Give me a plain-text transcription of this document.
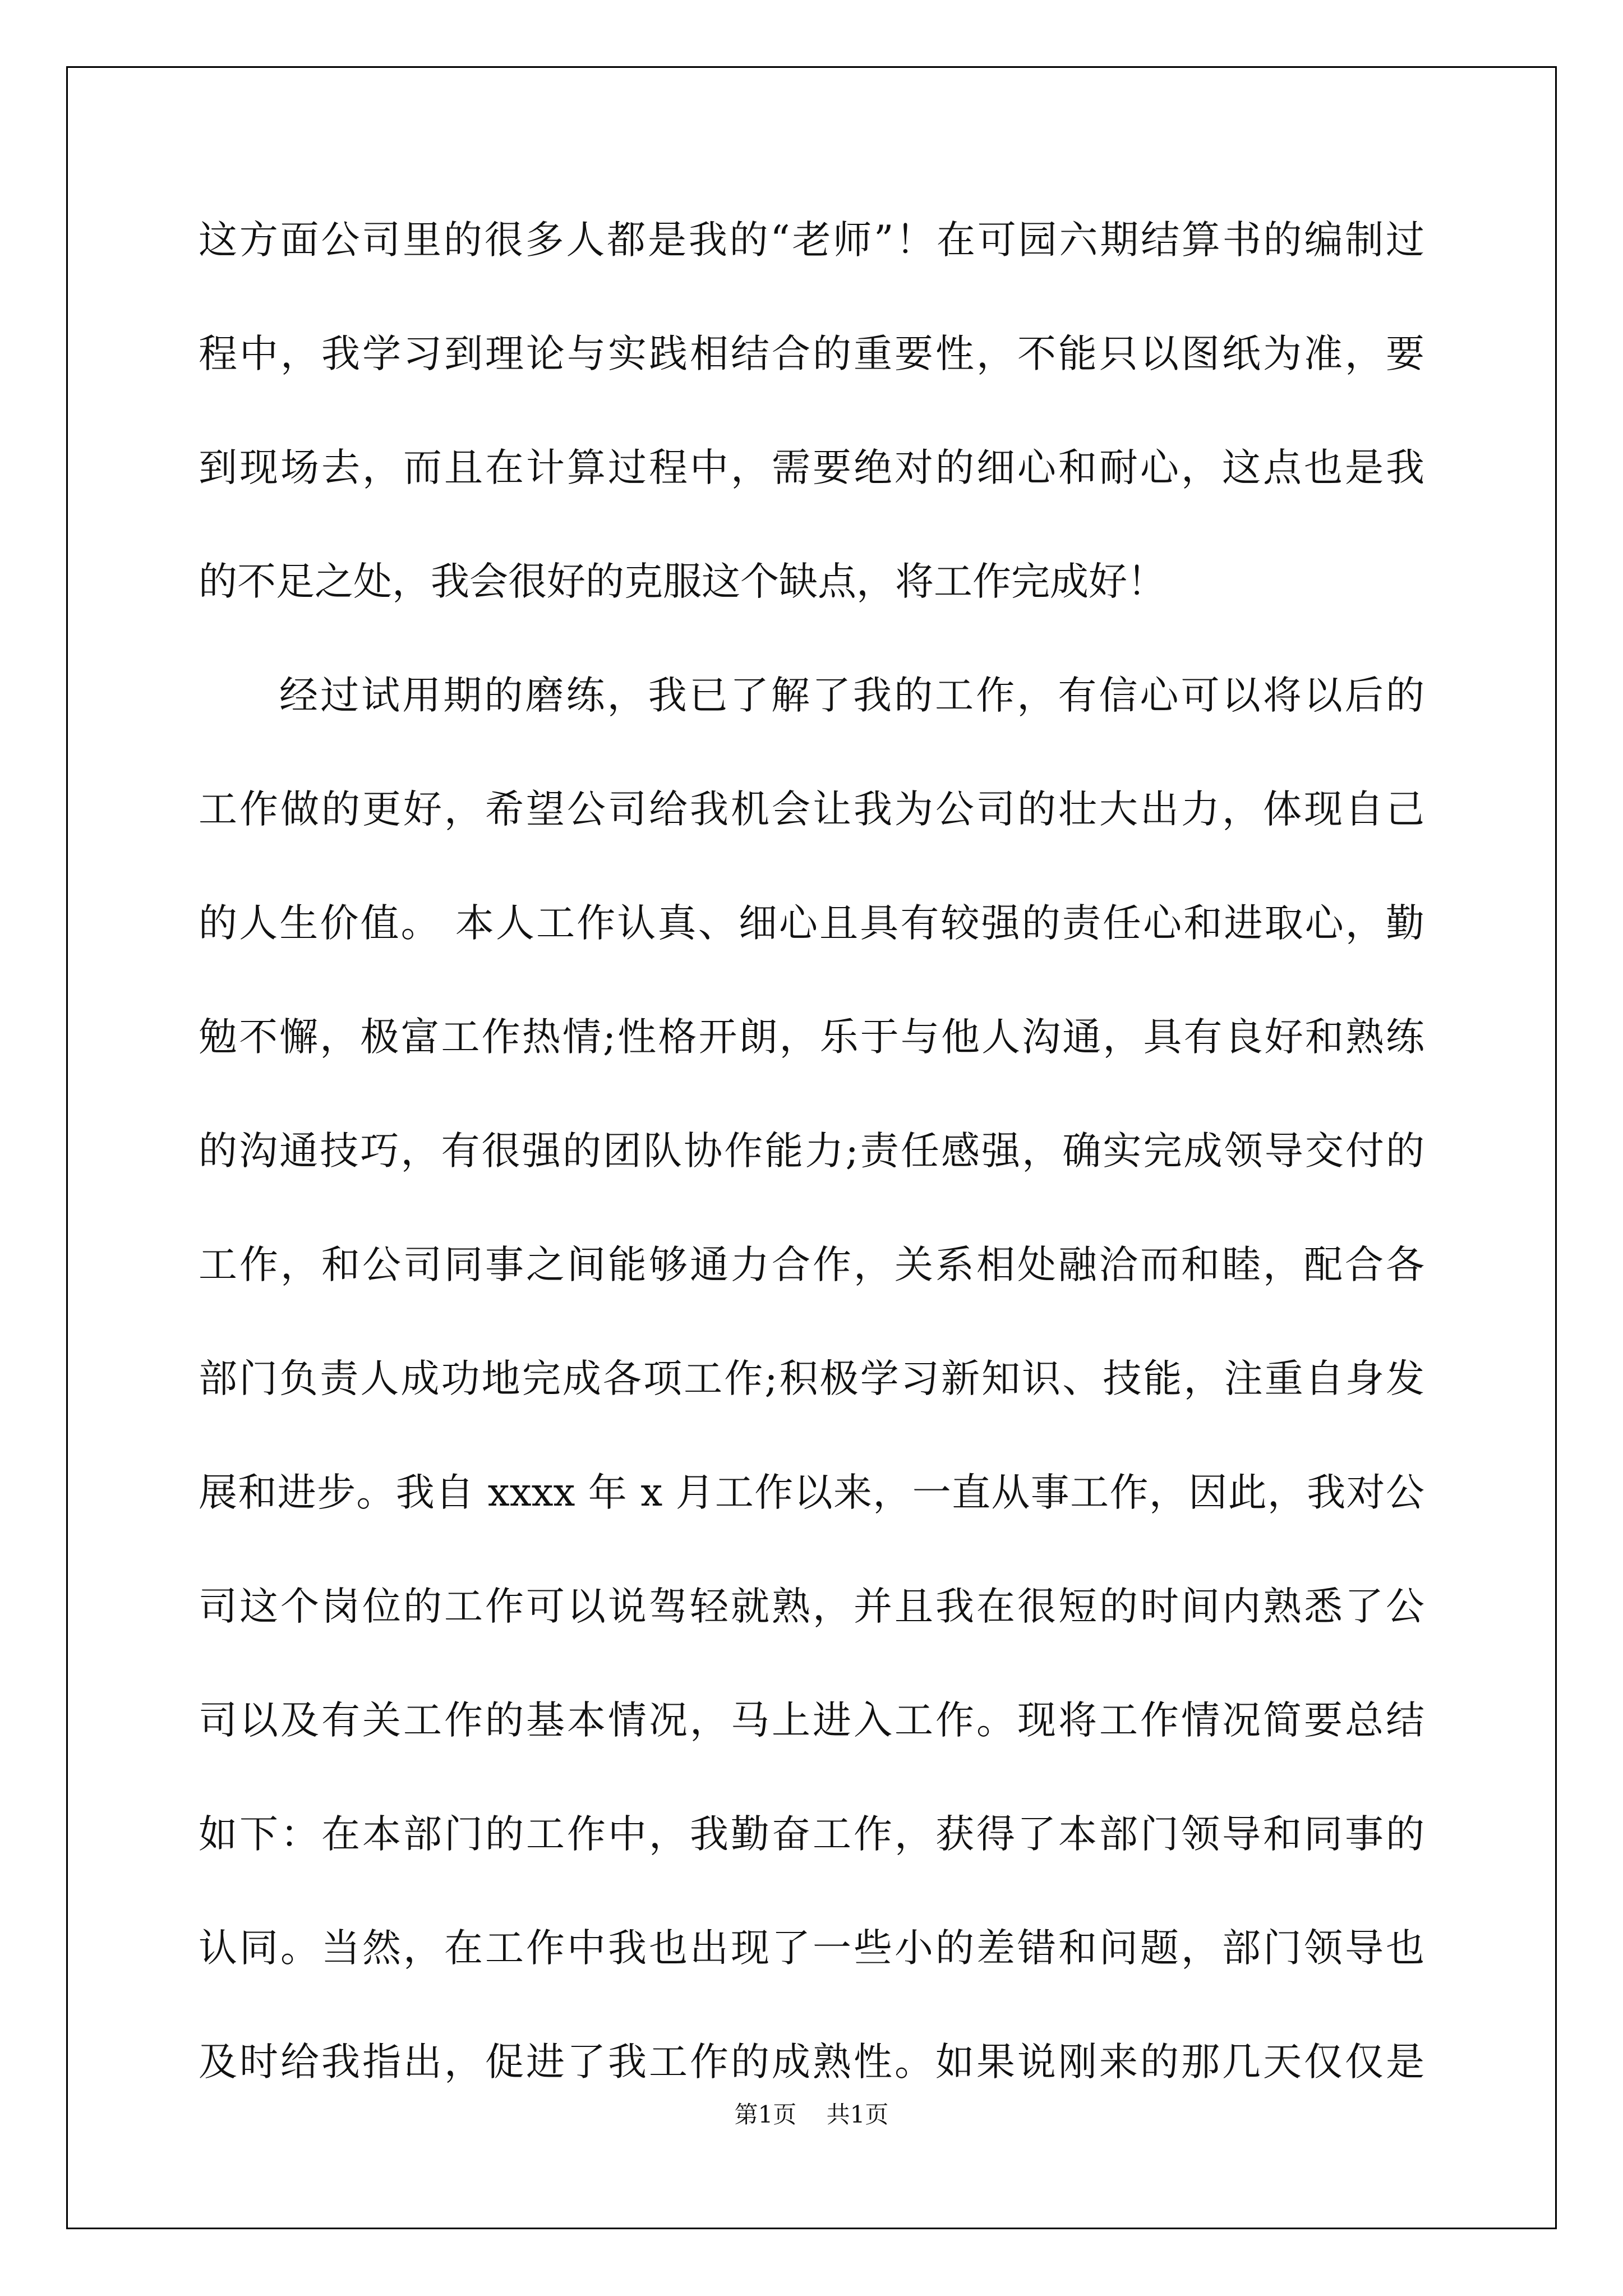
这方面公司里的很多人都是我的“老师”！在可园六期结算书的编制过
程中，我学习到理论与实践相结合的重要性，不能只以图纸为准，要
到现场去，而且在计算过程中，需要绝对的细心和耐心，这点也是我
的不足之处，我会很好的克服这个缺点，将工作完成好！
经过试用期的磨练，我已了解了我的工作，有信心可以将以后的
工作做的更好，希望公司给我机会让我为公司的壮大出力，体现自己
的人生价值。 本人工作认真、细心且具有较强的责任心和进取心，勤
勉不懈，极富工作热情;性格开朗，乐于与他人沟通，具有良好和熟练
的沟通技巧，有很强的团队协作能力;责任感强，确实完成领导交付的
工作，和公司同事之间能够通力合作，关系相处融洽而和睦，配合各
部门负责人成功地完成各项工作;积极学习新知识、技能，注重自身发
展和进步。我自 xxxx 年 x 月工作以来，一直从事工作，因此，我对公
司这个岗位的工作可以说驾轻就熟，并且我在很短的时间内熟悉了公
司以及有关工作的基本情况，马上进入工作。现将工作情况简要总结
如下：在本部门的工作中，我勤奋工作，获得了本部门领导和同事的
认同。当然，在工作中我也出现了一些小的差错和问题，部门领导也
及时给我指出，促进了我工作的成熟性。如果说刚来的那几天仅仅是
第1页 共1页
